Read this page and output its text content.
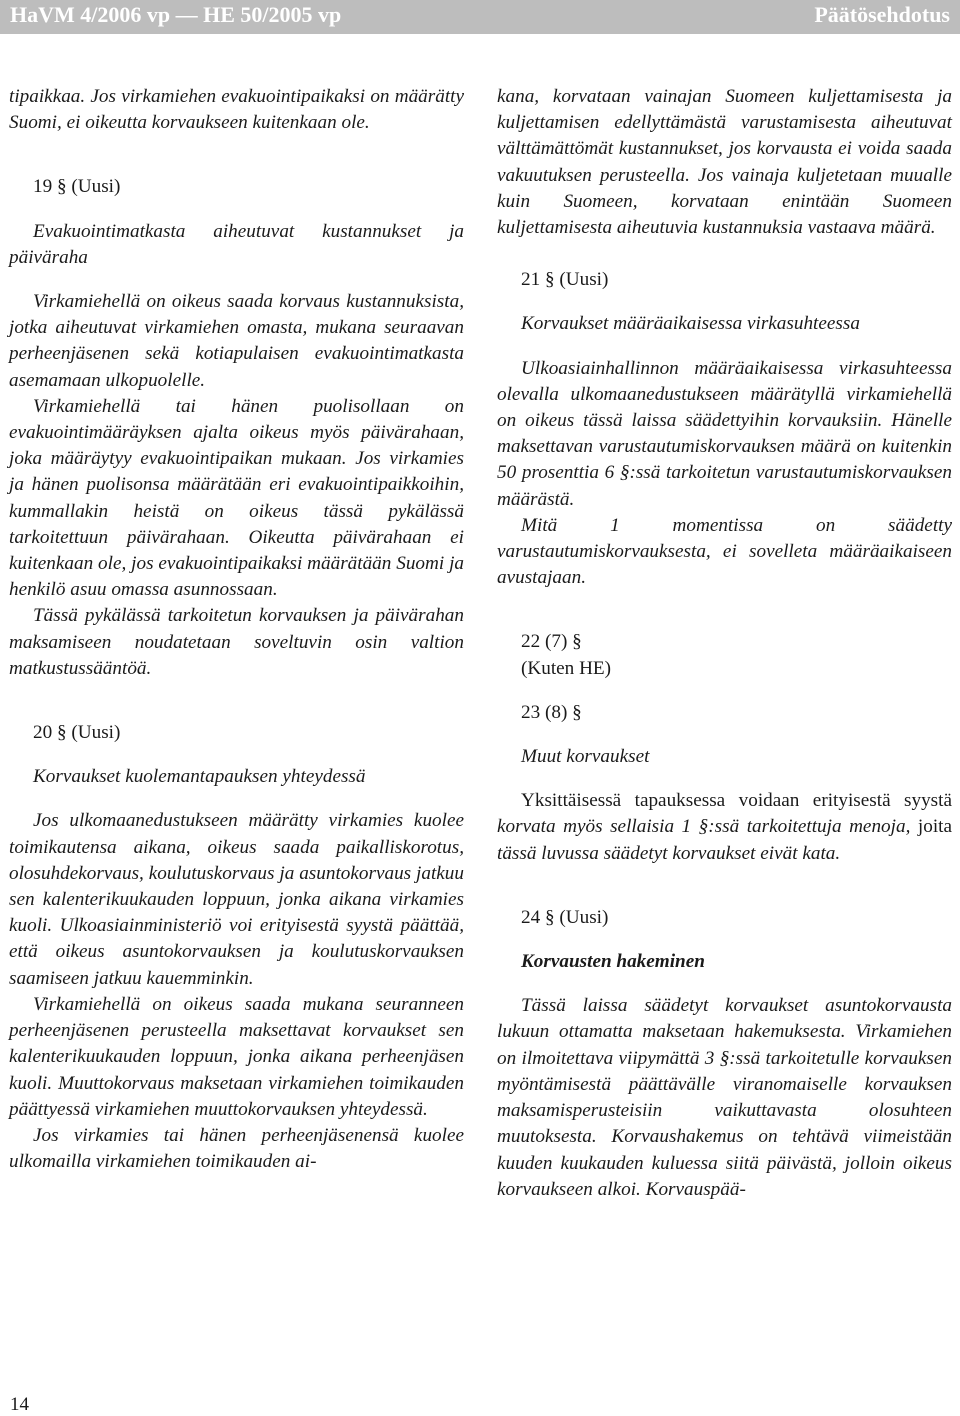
HaVM 4/2006 vp — HE 50/2005 vp	Päätösehdotus

tipaikkaa. Jos virkamiehen evakuointipaikaksi on määrätty Suomi, ei oikeutta korvaukseen kuitenkaan ole.

19 § (Uusi)

Evakuointimatkasta aiheutuvat kustannukset ja päiväraha

Virkamiehellä on oikeus saada korvaus kustannuksista, jotka aiheutuvat virkamiehen omasta, mukana seuraavan perheenjäsenen sekä kotiapulaisen evakuointimatkasta asemamaan ulkopuolelle.

Virkamiehellä tai hänen puolisollaan on evakuointimääräyksen ajalta oikeus myös päivärahaan, joka määräytyy evakuointipaikan mukaan. Jos virkamies ja hänen puolisonsa määrätään eri evakuointipaikkoihin, kummallakin heistä on oikeus tässä pykälässä tarkoitettuun päivärahaan. Oikeutta päivärahaan ei kuitenkaan ole, jos evakuointipaikaksi määrätään Suomi ja henkilö asuu omassa asunnossaan.

Tässä pykälässä tarkoitetun korvauksen ja päivärahan maksamiseen noudatetaan soveltuvin osin valtion matkustussääntöä.

20 § (Uusi)

Korvaukset kuolemantapauksen yhteydessä

Jos ulkomaanedustukseen määrätty virkamies kuolee toimikautensa aikana, oikeus saada paikalliskorotus, olosuhdekorvaus, koulutuskorvaus ja asuntokorvaus jatkuu sen kalenterikuukauden loppuun, jonka aikana virkamies kuoli. Ulkoasiainministeriö voi erityisestä syystä päättää, että oikeus asuntokorvauksen ja koulutuskorvauksen saamiseen jatkuu kauemminkin.

Virkamiehellä on oikeus saada mukana seuranneen perheenjäsenen perusteella maksettavat korvaukset sen kalenterikuukauden loppuun, jonka aikana perheenjäsen kuoli. Muuttokorvaus maksetaan virkamiehen toimikauden päättyessä virkamiehen muuttokorvauksen yhteydessä.

Jos virkamies tai hänen perheenjäsenensä kuolee ulkomailla virkamiehen toimikauden ai-

kana, korvataan vainajan Suomeen kuljettamisesta ja kuljettamisen edellyttämästä varustamisesta aiheutuvat välttämättömät kustannukset, jos korvausta ei voida saada vakuutuksen perusteella. Jos vainaja kuljetetaan muualle kuin Suomeen, korvataan enintään Suomeen kuljettamisesta aiheutuvia kustannuksia vastaava määrä.

21 § (Uusi)

Korvaukset määräaikaisessa virkasuhteessa

Ulkoasiainhallinnon määräaikaisessa virkasuhteessa olevalla ulkomaanedustukseen määrätyllä virkamiehellä on oikeus tässä laissa säädettyihin korvauksiin. Hänelle maksettavan varustautumiskorvauksen määrä on kuitenkin 50 prosenttia 6 §:ssä tarkoitetun varustautumiskorvauksen määrästä.

Mitä 1 momentissa on säädetty varustautumiskorvauksesta, ei sovelleta määräaikaiseen avustajaan.

22 (7) §

(Kuten HE)

23 (8) §

Muut korvaukset

Yksittäisessä tapauksessa voidaan erityisestä syystä korvata myös sellaisia 1 §:ssä tarkoitettuja menoja, joita tässä luvussa säädetyt korvaukset eivät kata.

24 § (Uusi)

Korvausten hakeminen

Tässä laissa säädetyt korvaukset asuntokorvausta lukuun ottamatta maksetaan hakemuksesta. Virkamiehen on ilmoitettava viipymättä 3 §:ssä tarkoitetulle korvauksen myöntämisestä päättävälle viranomaiselle korvauksen maksamisperusteisiin vaikuttavasta olosuhteen muutoksesta. Korvaushakemus on tehtävä viimeistään kuuden kuukauden kuluessa siitä päivästä, jolloin oikeus korvaukseen alkoi. Korvauspää-

14
